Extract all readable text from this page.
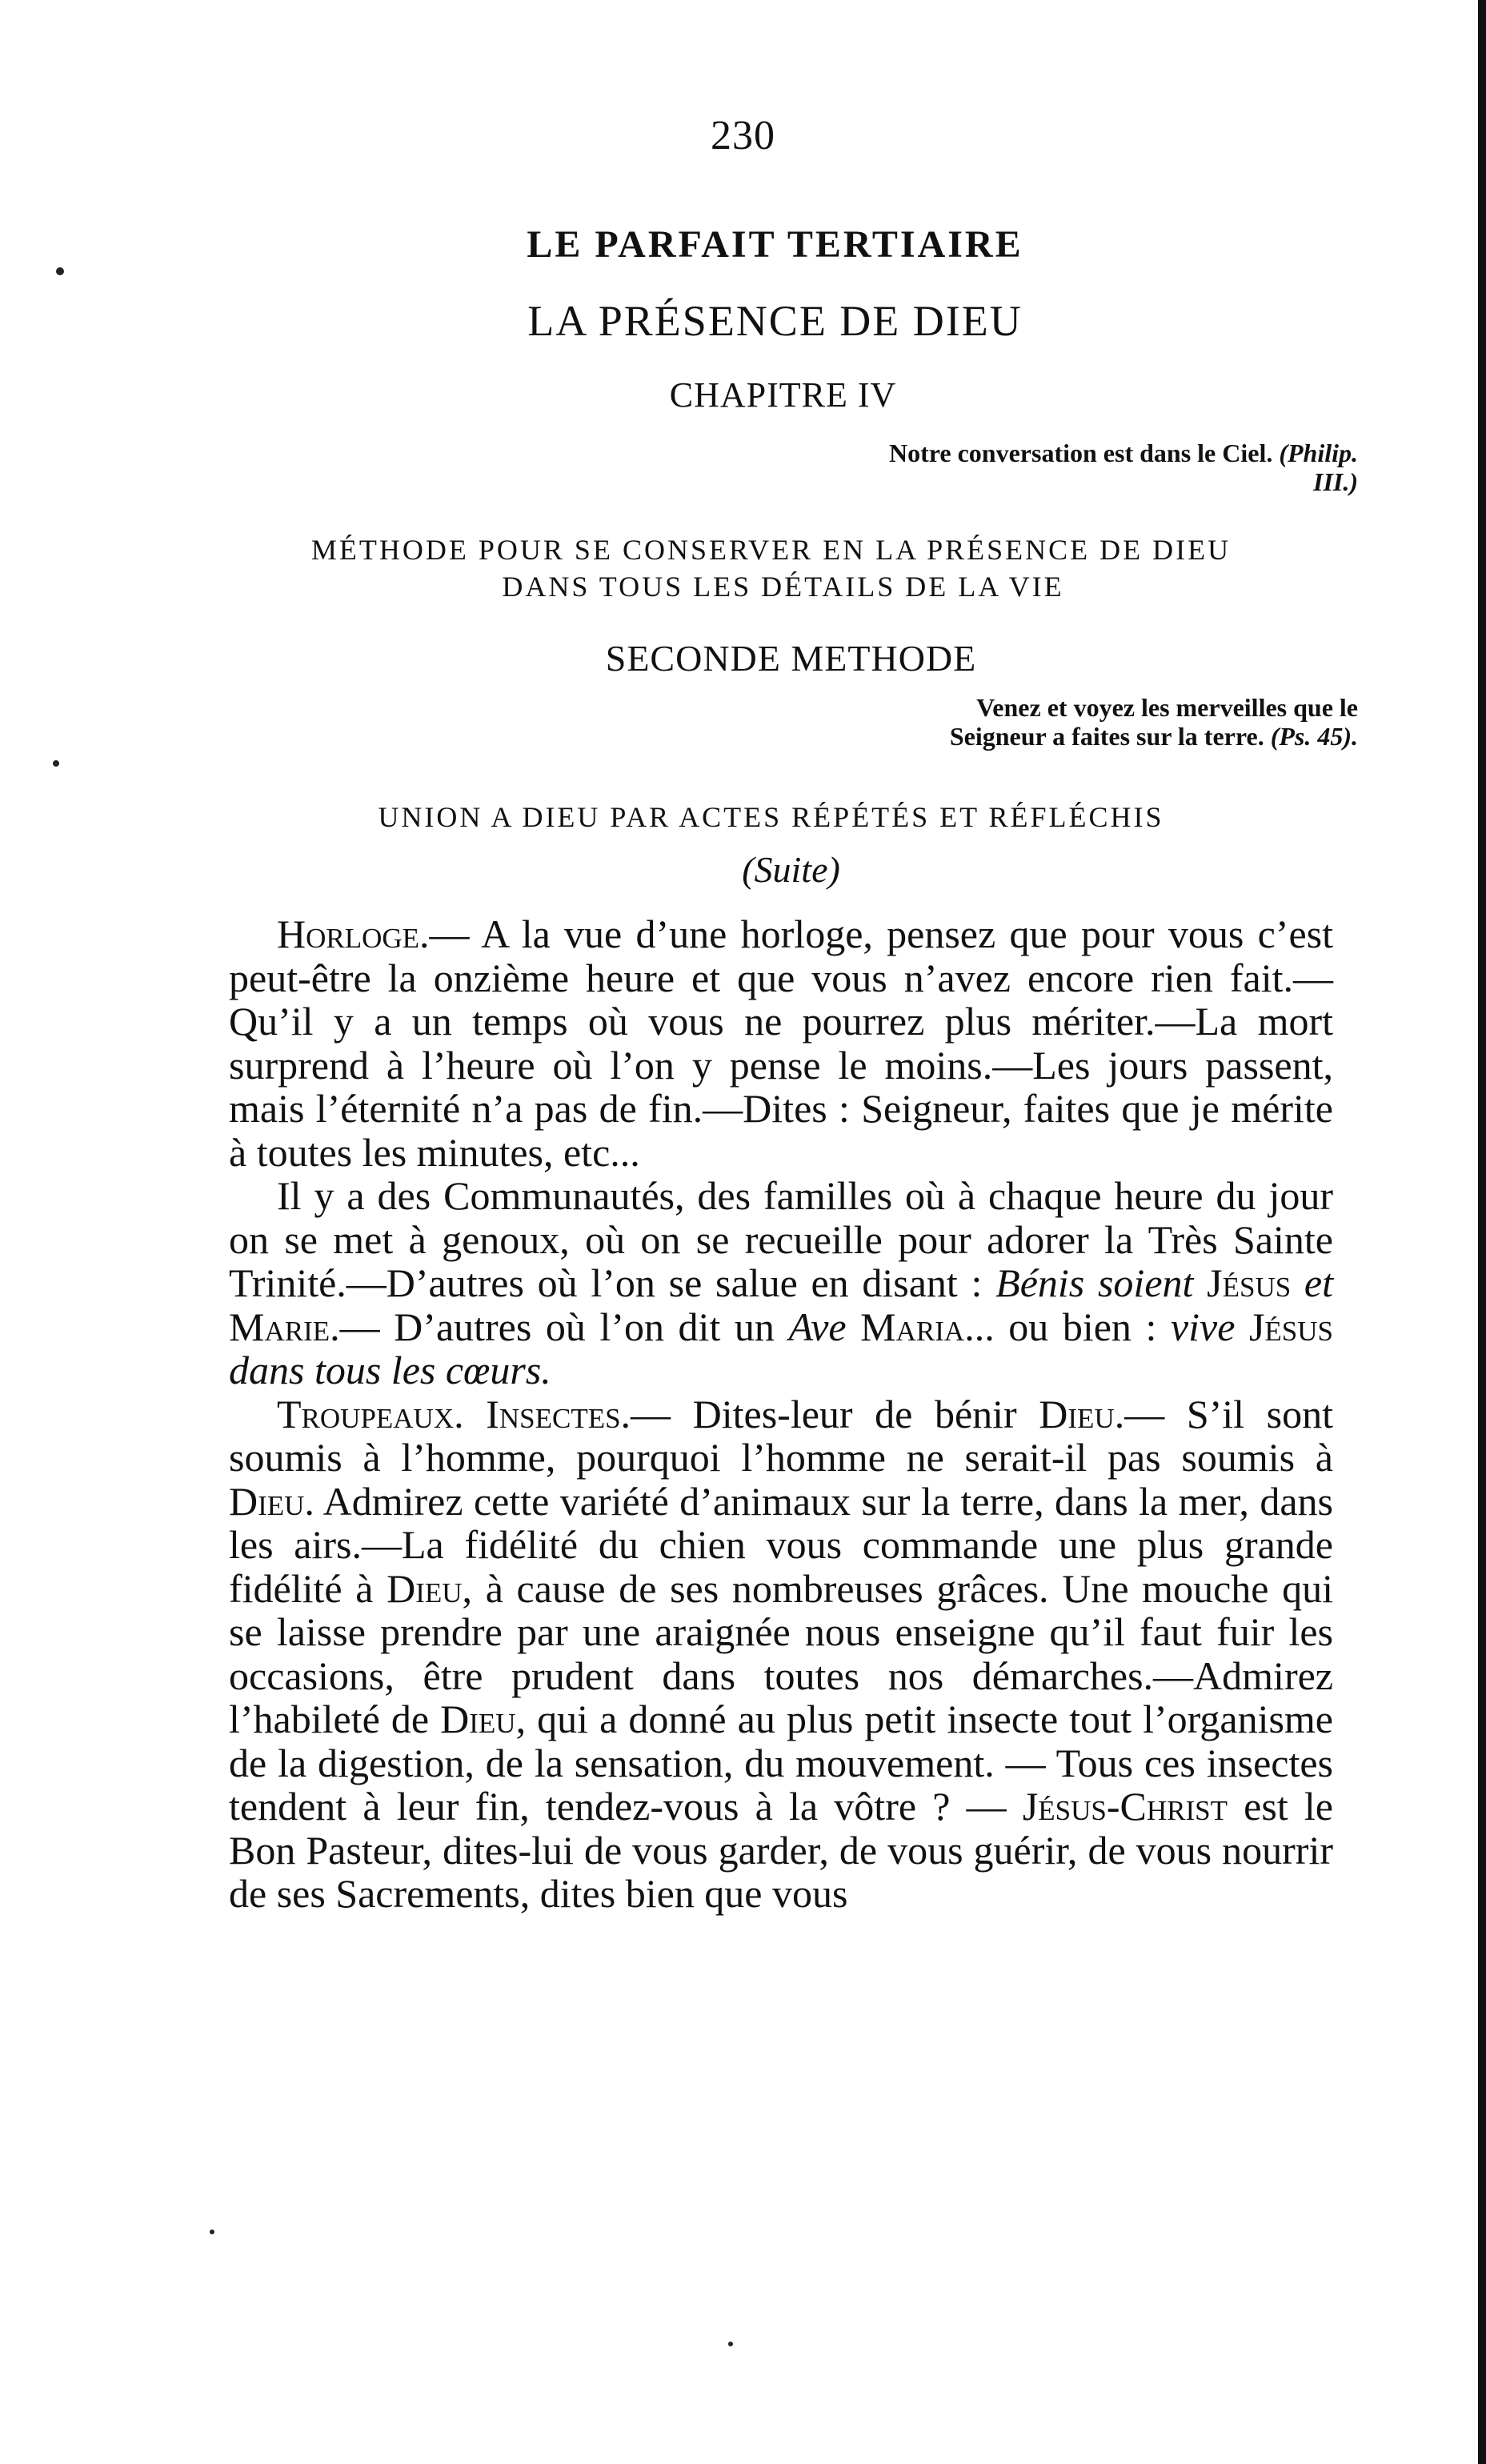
230
LE PARFAIT TERTIAIRE
LA PRÉSENCE DE DIEU
CHAPITRE IV
Notre conversation est dans le Ciel. (Philip. III.)
MÉTHODE POUR SE CONSERVER EN LA PRÉSENCE DE DIEU
DANS TOUS LES DÉTAILS DE LA VIE
SECONDE METHODE
Venez et voyez les merveilles que le Seigneur a faites sur la terre. (Ps. 45).
UNION A DIEU PAR ACTES RÉPÉTÉS ET RÉFLÉCHIS
(Suite)

Horloge.— A la vue d’une horloge, pensez que pour vous c’est peut-être la onzième heure et que vous n’avez encore rien fait.—Qu’il y a un temps où vous ne pourrez plus mériter.—La mort surprend à l’heure où l’on y pense le moins.—Les jours passent, mais l’éternité n’a pas de fin.—Dites : Seigneur, faites que je mérite à toutes les minutes, etc...

Il y a des Communautés, des familles où à chaque heure du jour on se met à genoux, où on se recueille pour adorer la Très Sainte Trinité.—D’autres où l’on se salue en disant : Bénis soient Jésus et Marie.— D’autres où l’on dit un Ave Maria... ou bien : vive Jésus dans tous les cœurs.

Troupeaux. Insectes.— Dites-leur de bénir Dieu.— S’il sont soumis à l’homme, pourquoi l’homme ne serait-il pas soumis à Dieu. Admirez cette variété d’animaux sur la terre, dans la mer, dans les airs.—La fidélité du chien vous commande une plus grande fidélité à Dieu, à cause de ses nombreuses grâces. Une mouche qui se laisse prendre par une araignée nous enseigne qu’il faut fuir les occasions, être prudent dans toutes nos démarches.—Admirez l’habileté de Dieu, qui a donné au plus petit insecte tout l’organisme de la digestion, de la sensation, du mouvement. — Tous ces insectes tendent à leur fin, tendez-vous à la vôtre ? — Jésus-Christ est le Bon Pasteur, dites-lui de vous garder, de vous guérir, de vous nourrir de ses Sacrements, dites bien que vous
